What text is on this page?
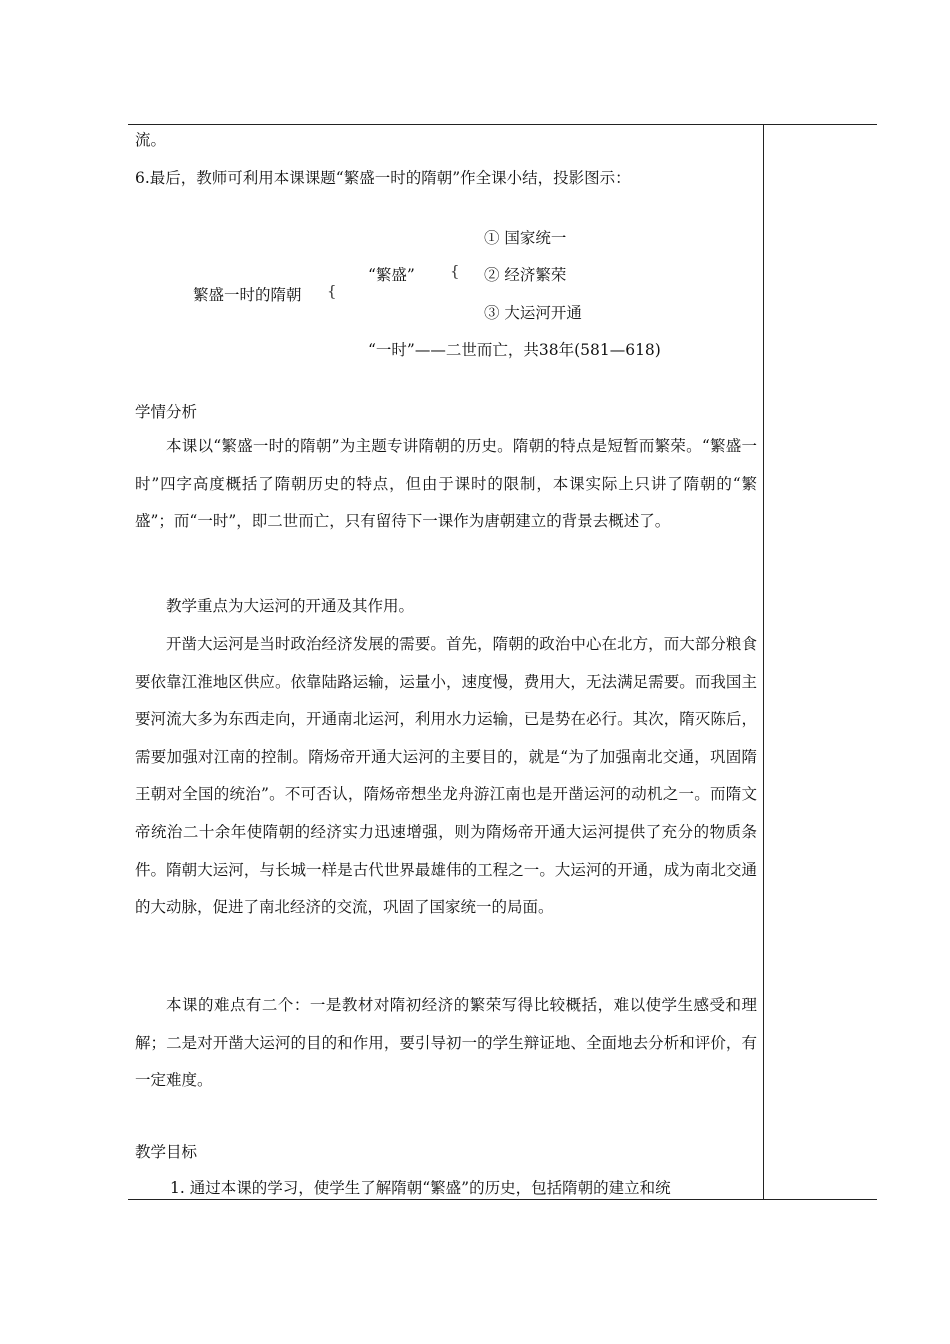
流。
6.最后，教师可利用本课课题“繁盛一时的隋朝”作全课小结，投影图示：
繁盛一时的隋朝 {
“繁盛” {
① 国家统一
② 经济繁荣
③ 大运河开通
“一时”——二世而亡，共38年(581—618)
学情分析
本课以“繁盛一时的隋朝”为主题专讲隋朝的历史。隋朝的特点是短暂而繁荣。“繁盛一时”四字高度概括了隋朝历史的特点，但由于课时的限制，本课实际上只讲了隋朝的“繁盛”；而“一时”，即二世而亡，只有留待下一课作为唐朝建立的背景去概述了。
教学重点为大运河的开通及其作用。
开凿大运河是当时政治经济发展的需要。首先，隋朝的政治中心在北方，而大部分粮食要依靠江淮地区供应。依靠陆路运输，运量小，速度慢，费用大，无法满足需要。而我国主要河流大多为东西走向，开通南北运河，利用水力运输，已是势在必行。其次，隋灭陈后，需要加强对江南的控制。隋炀帝开通大运河的主要目的，就是“为了加强南北交通，巩固隋王朝对全国的统治”。不可否认，隋炀帝想坐龙舟游江南也是开凿运河的动机之一。而隋文帝统治二十余年使隋朝的经济实力迅速增强，则为隋炀帝开通大运河提供了充分的物质条件。隋朝大运河，与长城一样是古代世界最雄伟的工程之一。大运河的开通，成为南北交通的大动脉，促进了南北经济的交流，巩固了国家统一的局面。
本课的难点有二个：一是教材对隋初经济的繁荣写得比较概括，难以使学生感受和理解；二是对开凿大运河的目的和作用，要引导初一的学生辩证地、全面地去分析和评价，有一定难度。
教学目标
1. 通过本课的学习，使学生了解隋朝“繁盛”的历史，包括隋朝的建立和统
